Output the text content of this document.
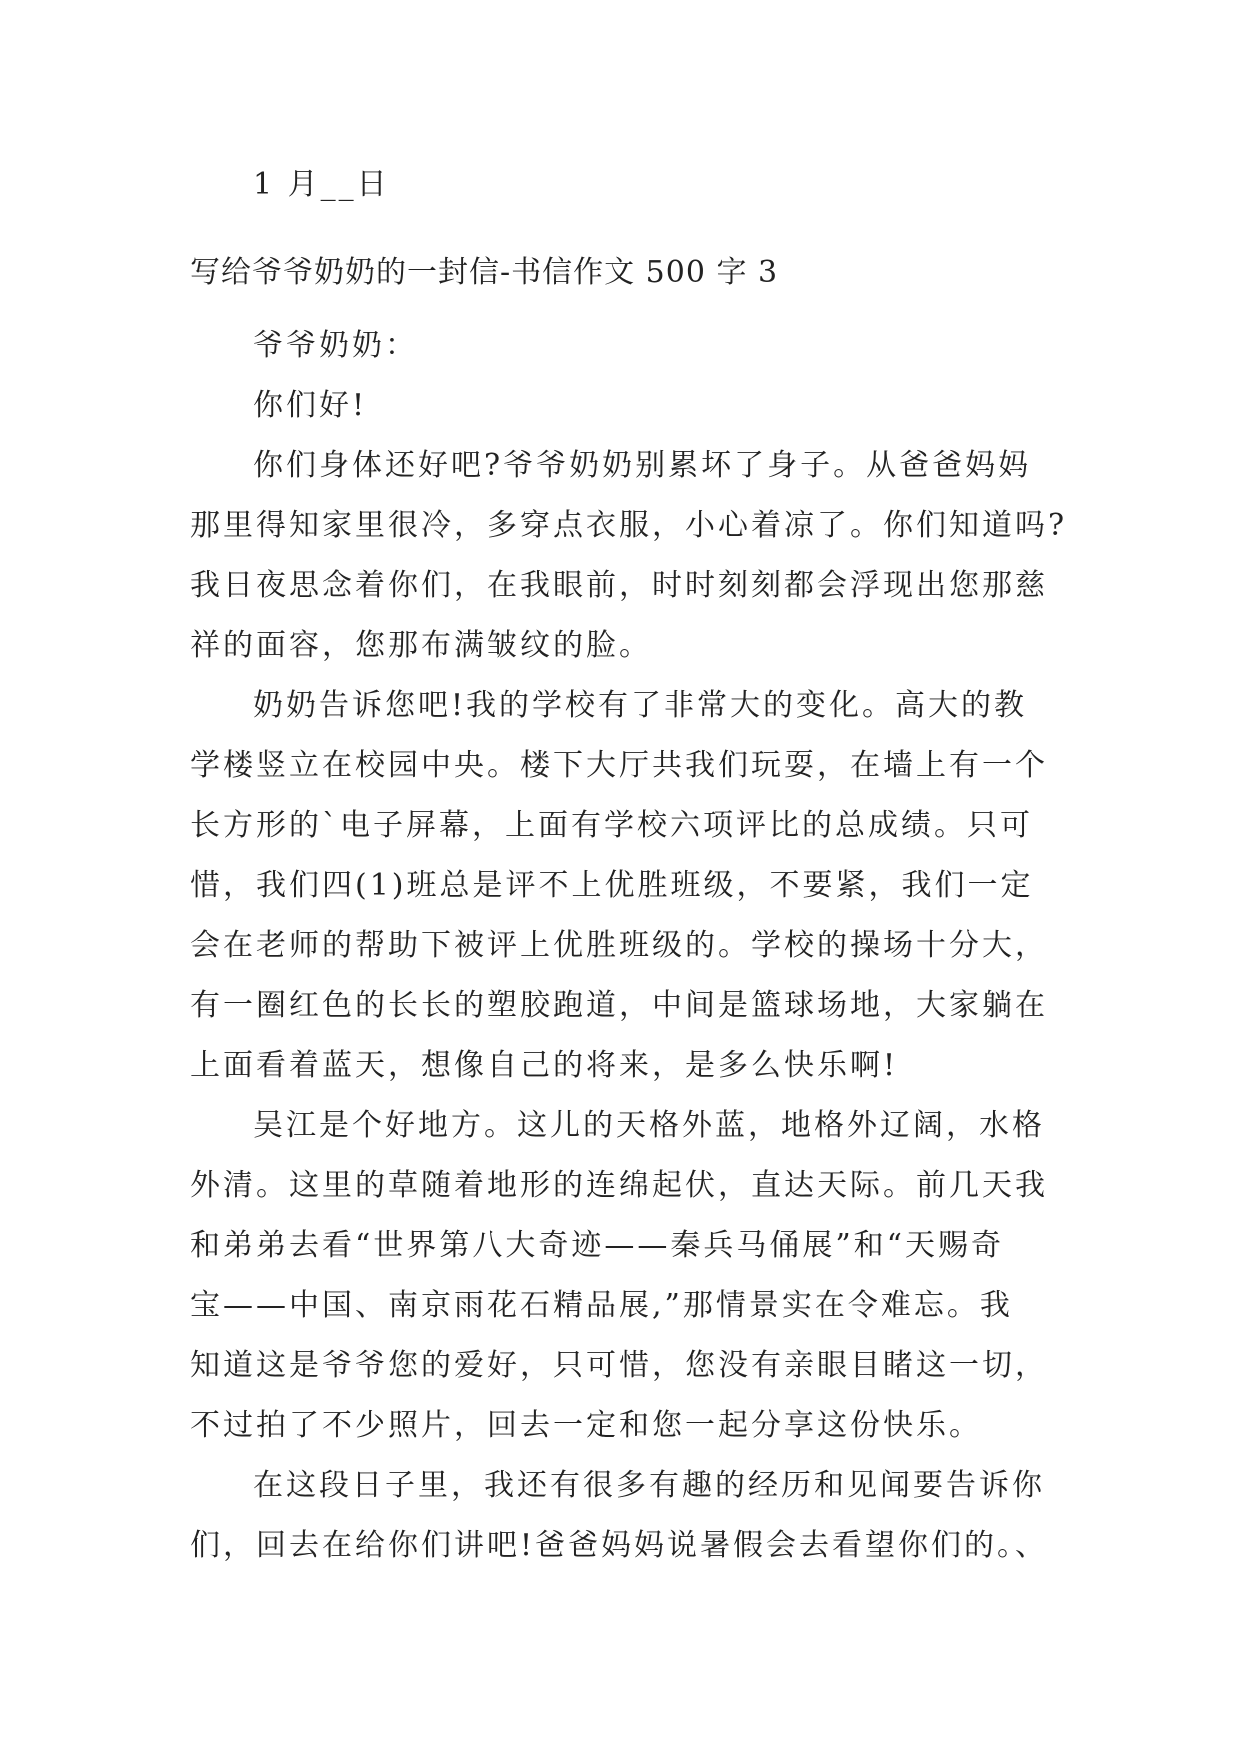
1 月__日
写给爷爷奶奶的一封信-书信作文 500 字 3
爷爷奶奶：
你们好!
你们身体还好吧?爷爷奶奶别累坏了身子。从爸爸妈妈
那里得知家里很冷，多穿点衣服，小心着凉了。你们知道吗?
我日夜思念着你们，在我眼前，时时刻刻都会浮现出您那慈
祥的面容，您那布满皱纹的脸。
奶奶告诉您吧!我的学校有了非常大的变化。高大的教
学楼竖立在校园中央。楼下大厅共我们玩耍，在墙上有一个
长方形的`电子屏幕，上面有学校六项评比的总成绩。只可
惜，我们四(1)班总是评不上优胜班级，不要紧，我们一定
会在老师的帮助下被评上优胜班级的。学校的操场十分大，
有一圈红色的长长的塑胶跑道，中间是篮球场地，大家躺在
上面看着蓝天，想像自己的将来，是多么快乐啊!
吴江是个好地方。这儿的天格外蓝，地格外辽阔，水格
外清。这里的草随着地形的连绵起伏，直达天际。前几天我
和弟弟去看“世界第八大奇迹——秦兵马俑展”和“天赐奇
宝——中国、南京雨花石精品展,”那情景实在令难忘。我
知道这是爷爷您的爱好，只可惜，您没有亲眼目睹这一切，
不过拍了不少照片，回去一定和您一起分享这份快乐。
在这段日子里，我还有很多有趣的经历和见闻要告诉你
们，回去在给你们讲吧!爸爸妈妈说暑假会去看望你们的。、
